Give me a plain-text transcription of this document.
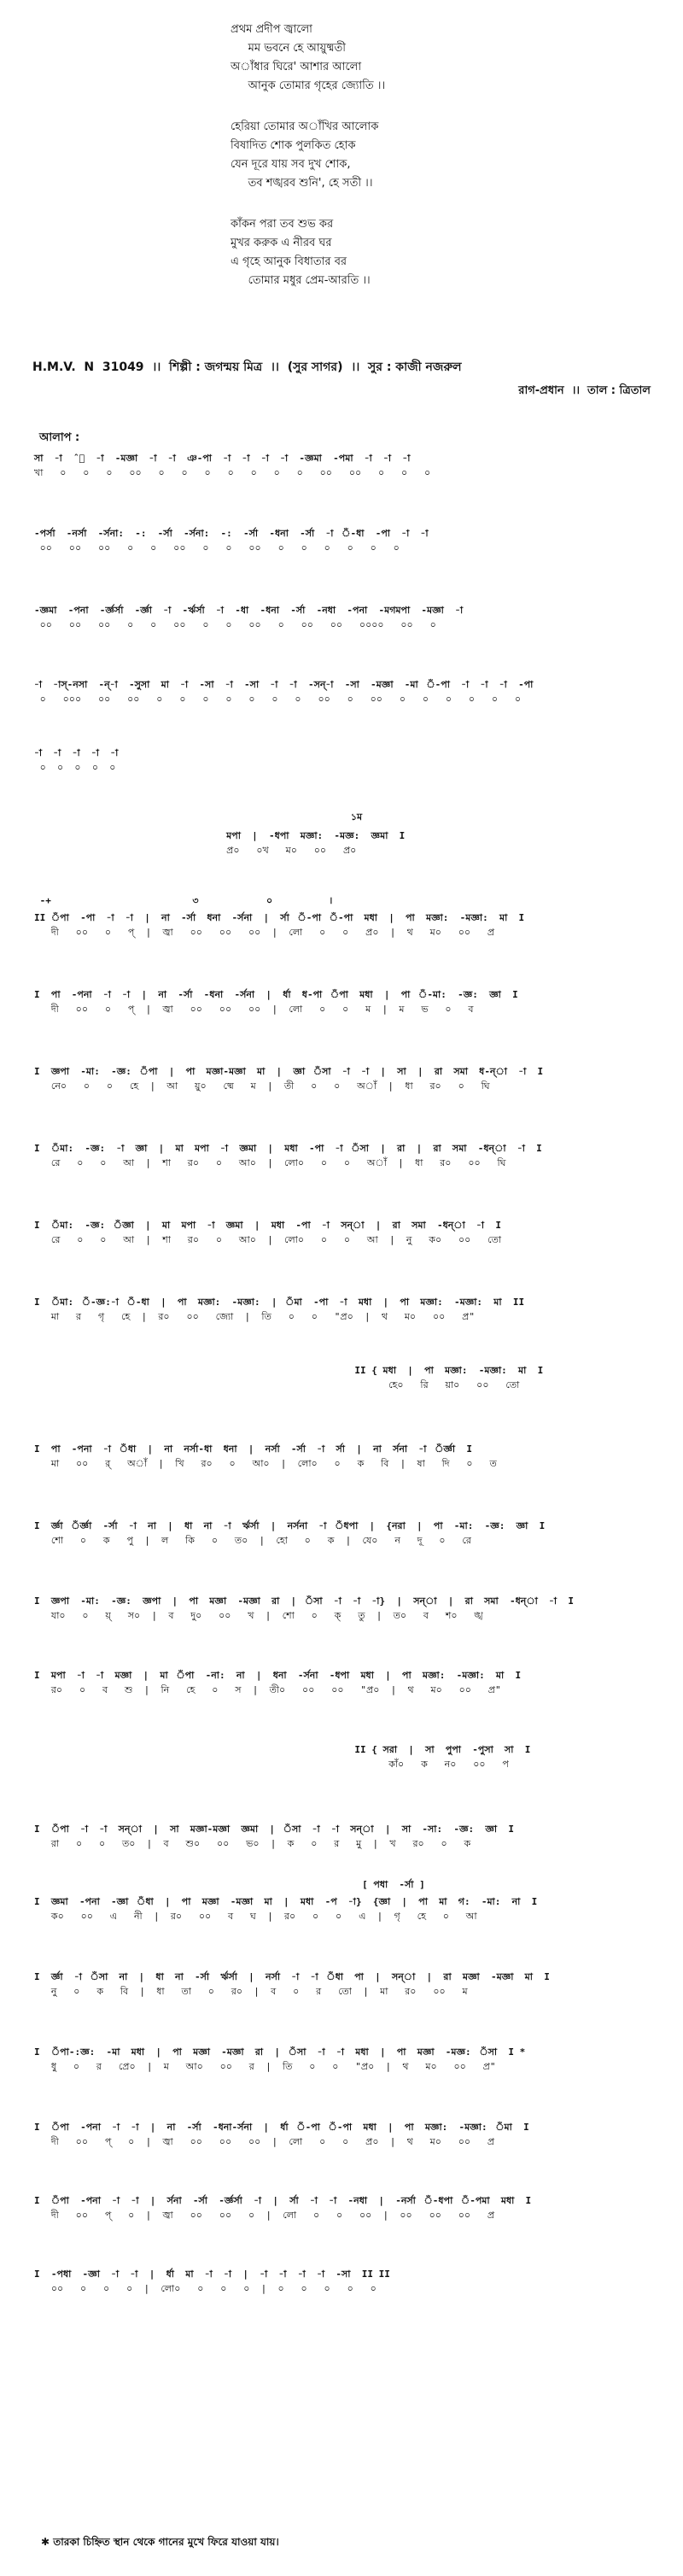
প্রথম প্রদীপ জ্বালো
মম ভবনে হে আয়ুষ্মতী
অাঁধার ঘিরে' আশার আলো
আনুক তোমার গৃহের জ্যোতি ।।
হেরিয়া তোমার অাঁখির আলোক
বিষাদিত শোক পুলকিত হোক
যেন দূরে যায় সব দুখ শোক,
তব শঙ্খরব শুনি', হে সতী ।।
কাঁকন পরা তব শুভ কর
মুখর করুক এ নীরব ঘর
এ গৃহে আনুক বিধাতার বর
তোমার মধুর প্রেম-আরতি ।।
H.M.V.  N  31049  ।।  শিল্পী : জগন্ময় মিত্র  ।।  (সুর সাগর)  ।।  সুর : কাজী নজরুল
রাগ-প্রধান  ।।  তাল : ত্রিতাল
আলাপ :
সা  -া  ˆা  -া  -মজ্ঞা  -া  -া  ঞ-পা  -া  -া  -া  -া  -জ্ঞমা  -পমা  -া  -া  -া
খা   ০   ০   ০   ০০   ০   ০   ০   ০   ০   ০   ০   ০০   ০০   ০   ০   ০
-পর্সা  -নর্সা  -র্সনা:  -:  -র্সা  -র্সনা:  -:  -র্সা  -ধনা  -র্সা  -া  ঁ-ধা  -পা  -া  -া
০০   ০০   ০০   ০   ০   ০০   ০   ০   ০০   ০   ০   ০   ০   ০   ০
-জ্ঞমা  -পনা  -র্জ্ঞর্সা  -র্জ্ঞা  -া  -র্ঋর্সা  -া  -ধা  -ধনা  -র্সা  -নধা  -পনা  -মগমপা  -মজ্ঞা  -া
০০   ০০   ০০   ০   ০   ০০   ০   ০   ০০   ০   ০০   ০০   ০০০০   ০০   ০
-া  -াস্-নসা  -ন্-া  -সুসা  মা  -া  -সা  -া  -সা  -া  -া  -সন্-া  -সা  -মজ্ঞা  -মা  ঁ-পা  -া  -া  -া  -পা
০   ০০০   ০০   ০০   ০   ০   ০   ০   ০   ০   ০   ০০   ০   ০০   ০   ০   ০   ০   ০   ০
-া  -া  -া  -া  -া
০  ০  ০  ০  ০
১ম
মপা  |  -ধপা  মজ্ঞা:  -মজ্ঞ:  জ্ঞমা  I
প্র০   ০খ   ম০   ০০   প্র০
-+                         ৩            ০          ।
II ঁপা  -পা  -া  -া  |  না  -র্সা  ধনা  -র্সনা  |  র্সা  ঁ-পা  ঁ-পা  মধা  |  পা  মজ্ঞা:  -মজ্ঞা:  মা  I
দী   ০০   ০   প্  |  জ্বা   ০০   ০০   ০০  |  লো   ০   ০   প্র০  |  থ   ম০   ০০   প্র
I  পা  -পনা  -া  -া  |  না  -র্সা  -ধনা  -র্সনা  |  র্ধা  ধ-পা  ঁপা  মধা  |  পা  ঁ-মা:  -জ্ঞ:  জ্ঞা  I
দী   ০০   ০   প্  |  জ্বা   ০০   ০০   ০০  |  লো   ০   ০   ম  |  ম   ভ   ০   ব
I  জ্ঞপা  -মা:  -জ্ঞ:  ঁপা  |  পা  মজ্ঞা-মজ্ঞা  মা  |  জ্ঞা  ঁসা  -া  -া  |  সা  |  রা  সমা  ধ-ন্া  -া  I
নে০   ০   ০   হে  |  আ   য়ু০   ষ্মে   ম  |  তী   ০   ০   অাঁ  |  ধা   র০   ০   ঘি
I  ঁমা:  -জ্ঞ:  -া  জ্ঞা  |  মা  মপা  -া  জ্ঞমা  |  মধা  -পা  -া  ঁসা  |  রা  |  রা  সমা  -ধন্া  -া  I
রে   ০   ০   আ  |  শা   র০   ০   আ০  |  লো০   ০   ০   অাঁ  |  ধা   র০   ০০   ঘি
I  ঁমা:  -জ্ঞ:  ঁজ্ঞা  |  মা  মপা  -া  জ্ঞমা  |  মধা  -পা  -া  সন্া  |  রা  সমা  -ধন্া  -া  I
রে   ০   ০   আ  |  শা   র০   ০   আ০  |  লো০   ০   ০   আ  |  নু   ক০   ০০   তো
I  ঁমা:  ঁ-জ্ঞ:-া  ঁ-ধা  |  পা  মজ্ঞা:  -মজ্ঞা:  |  ঁমা  -পা  -া  মধা  |  পা  মজ্ঞা:  -মজ্ঞা:  মা  II
মা   র   গৃ   হে  |  র০   ০০   জ্যো  |  তি   ০   ০   "প্র০  |  থ   ম০   ০০   প্র"
II { মধা  |  পা  মজ্ঞা:  -মজ্ঞা:  মা  I
হে০   রি   য়া০   ০০   তো
I  পা  -পনা  -া  ঁধা  |  না  নর্সা-ধা  ধনা  |  নর্সা  -র্সা  -া  র্সা  |  না  র্সনা  -া  ঁর্জ্ঞা  I
মা   ০০   র্   অাঁ  |  খি   র০   ০   আ০  |  লো০   ০   ক   বি  |  ষা   দি   ০   ত
I  র্জ্ঞা  ঁর্জ্ঞা  -র্সা  -া  না  |  ধা  না  -া  র্ঋর্সা  |  নর্সনা  -া  ঁধপা  |  {নরা  |  পা  -মা:  -জ্ঞ:  জ্ঞা  I
শো   ০   ক   পু  |  ল   কি   ০   ত০  |  হো   ০   ক  |  যে০   ন   দূ   ০   রে
I  জ্ঞপা  -মা:  -জ্ঞ:  জ্ঞপা  |  পা  মজ্ঞা  -মজ্ঞা  রা  |  ঁসা  -া  -া  -া}  |  সন্া  |  রা  সমা  -ধন্া  -া  I
যা০   ০   য়্   স০  |  ব   দু০   ০০   খ  |  শো   ০   ক্   তু  |  ত০   ব   শ০   ঙ্খ
I  মপা  -া  -া  মজ্ঞা  |  মা  ঁপা  -না:  না  |  ধনা  -র্সনা  -ধপা  মধা  |  পা  মজ্ঞা:  -মজ্ঞা:  মা  I
র০   ০   ব   শু  |  নি   হে   ০   স  |  তী০   ০০   ০০   "প্র০  |  থ   ম০   ০০   প্র"
II { সরা  |  সা  পুপা  -পুসা  সা  I
কাঁ০   ক   ন০   ০০   প
I  ঁপা  -া  -া  সন্া  |  সা  মজ্ঞা-মজ্ঞা  জ্ঞমা  |  ঁসা  -া  -া  সন্া  |  সা  -সা:  -জ্ঞ:  জ্ঞা  I
রা   ০   ০   ত০  |  ব   শু০   ০০   ভ০  |  ক   ০   র   মু  |  খ   র০   ০   ক
[ পধা  -র্সা ]
I  জ্ঞমা  -পনা  -জ্ঞা  ঁধা  |  পা  মজ্ঞা  -মজ্ঞা  মা  |  মধা  -প  -া}  {জ্ঞা  |  পা  মা  গ:  -মা:  না  I
ক০   ০০   এ   নী  |  র০   ০০   ব   ঘ  |  র০   ০   ০   এ  |  গৃ   হে   ০   আ
I  র্জ্ঞা  -া  ঁসা  না  |  ধা  না  -র্সা  র্ঋর্সা  |  নর্সা  -া  -া  ঁধা  পা  |  সন্া  |  রা  মজ্ঞা  -মজ্ঞা  মা  I
নু   ০   ক   বি  |  ধা   তা   ০   র০  |  ব   ০   র   তো  |  মা   র০   ০০   ম
I  ঁপা-:জ্ঞ:  -মা  মধা  |  পা  মজ্ঞা  -মজ্ঞা  রা  |  ঁসা  -া  -া  মধা  |  পা  মজ্ঞা  -মজ্ঞ:  ঁসা  I *
ধু   ০   র   প্রে০  |  ম   আ০   ০০   র  |  তি   ০   ০   "প্র০  |  থ   ম০   ০০   প্র"
I  ঁপা  -পনা  -া  -া  |  না  -র্সা  -ধনা-র্সনা  |  র্ধা  ঁ-পা  ঁ-পা  মধা  |  পা  মজ্ঞা:  -মজ্ঞা:  ঁমা  I
দী   ০০   প্   ০  |  জ্বা   ০০   ০০   ০০  |  লো   ০   ০   প্র০  |  থ   ম০   ০০   প্র
I  ঁপা  -পনা  -া  -া  |  র্সনা  -র্সা  -র্জ্ঞর্সা  -া  |  র্সা  -া  -া  -নধা  |  -নর্সা  ঁ-ধপা  ঁ-পমা  মধা  I
দী   ০০   প্   ০  |  জ্বা   ০০   ০০   ০  |  লো   ০   ০   ০০  |  ০০   ০০   ০০   প্র
I  -পধা  -জ্ঞা  -া  -া  |  র্ধা  মা  -া  -া  |  -া  -া  -া  -া  -সা  II II
০০   ০   ০   ০  |  লো০   ০   ০   ০  |  ০   ০   ০   ০   ০
✱ তারকা চিহ্নিত স্থান থেকে গানের মুখে ফিরে যাওয়া যায়।
